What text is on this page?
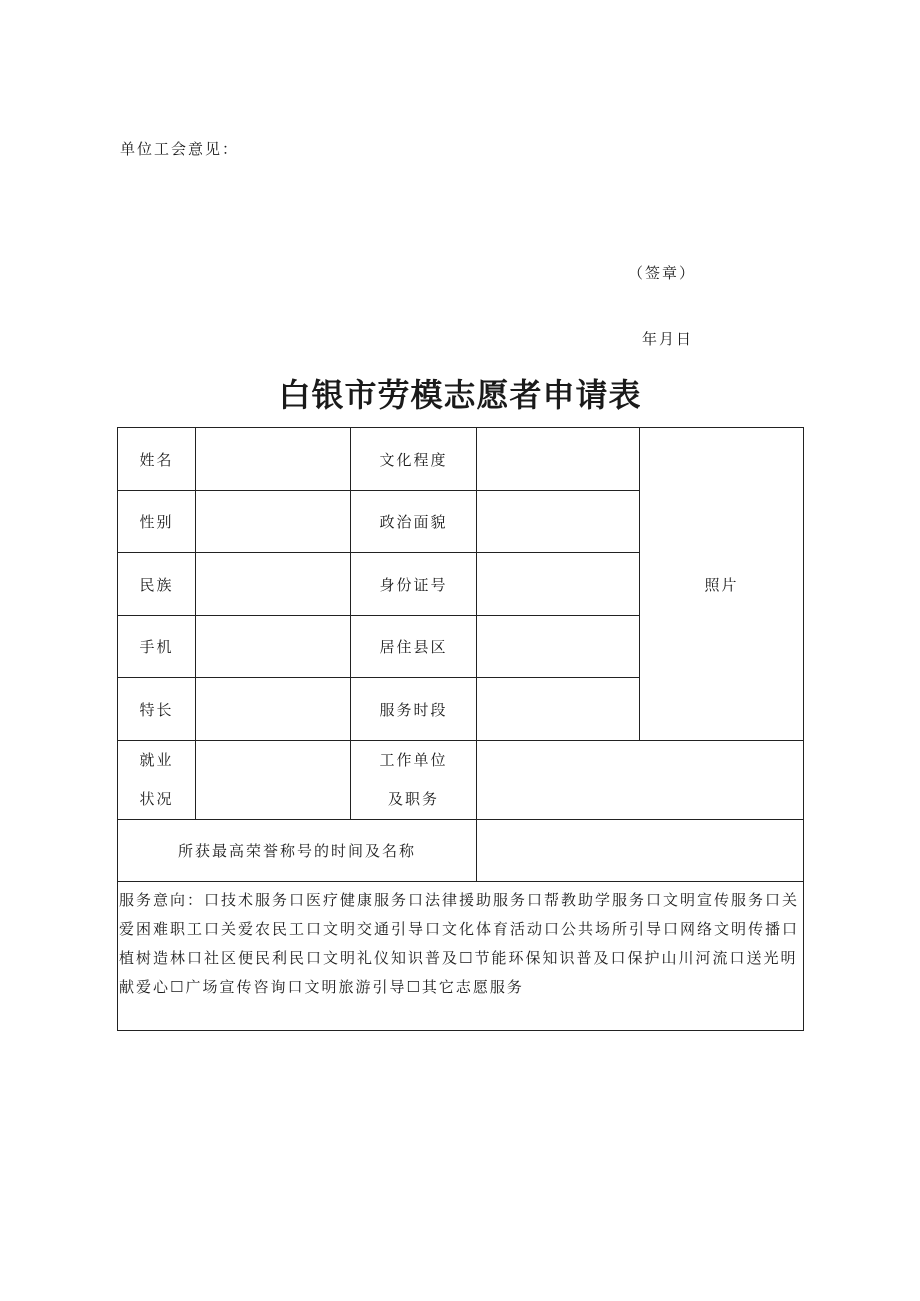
单位工会意见：
（签章）
年月日
白银市劳模志愿者申请表
姓名		文化程度		照片
性别		政治面貌		
民族		身份证号		
手机		居住县区		
特长		服务时段		

就业
状况		工作单位
及职务		

所获最高荣誉称号的时间及名称				

服务意向：口技术服务口医疗健康服务口法律援助服务口帮教助学服务口文明宣传服务口关
爱困难职工口关爱农民工口文明交通引导口文化体育活动口公共场所引导口网络文明传播口
植树造林口社区便民利民口文明礼仪知识普及☐节能环保知识普及口保护山川河流口送光明
献爱心☐广场宣传咨询口文明旅游引导☐其它志愿服务				
